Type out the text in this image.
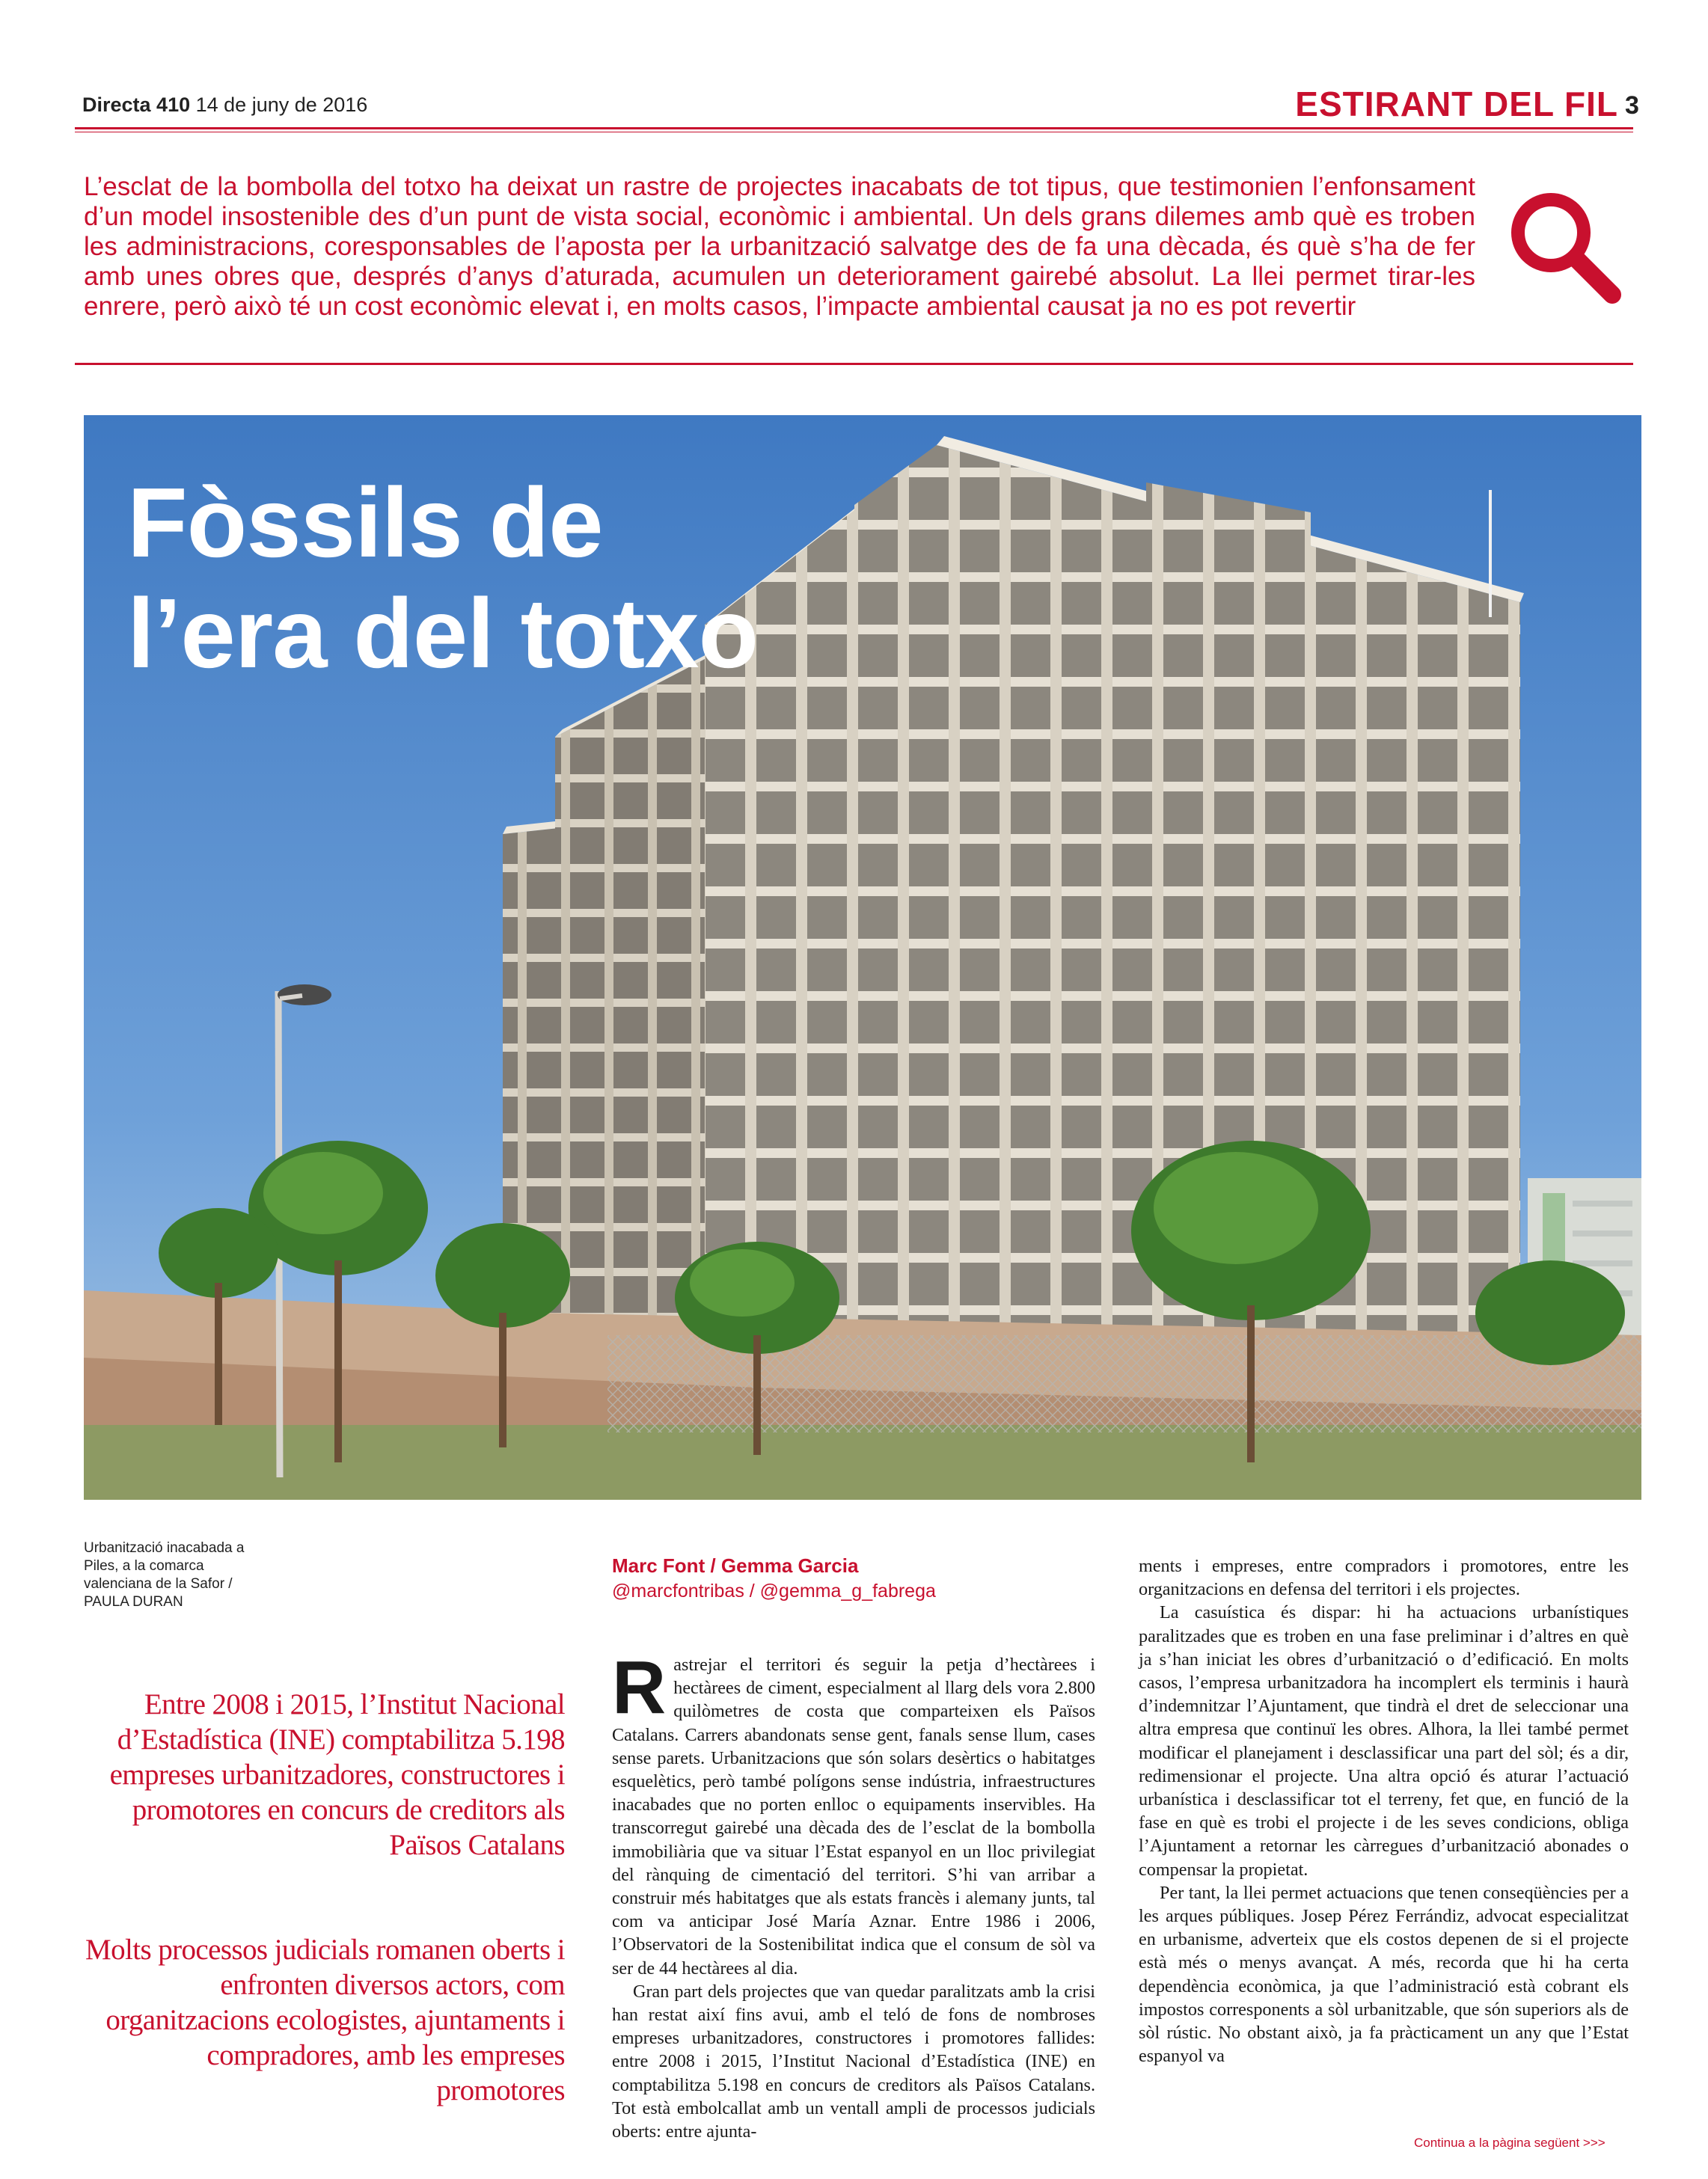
Directa 410 14 de juny de 2016	ESTIRANT DEL FIL 3
L’esclat de la bombolla del totxo ha deixat un rastre de projectes inacabats de tot tipus, que testimonien l’enfonsament d’un model insostenible des d’un punt de vista social, econòmic i ambiental. Un dels grans dilemes amb què es troben les administracions, coresponsables de l’aposta per la urbanització salvatge des de fa una dècada, és què s’ha de fer amb unes obres que, després d’anys d’aturada, acumulen un deteriorament gairebé absolut. La llei permet tirar-les enrere, però això té un cost econòmic elevat i, en molts casos, l’impacte ambiental causat ja no es pot revertir
Fòssils de l’era del totxo
Urbanització inacabada a Piles, a la comarca valenciana de la Safor / PAULA DURAN
Entre 2008 i 2015, l’Institut Nacional d’Estadística (INE) comptabilitza 5.198 empreses urbanitzadores, constructores i promotores en concurs de creditors als Països Catalans
Molts processos judicials romanen oberts i enfronten diversos actors, com organitzacions ecologistes, ajuntaments i compradores, amb les empreses promotores
Marc Font / Gemma Garcia
@marcfontribas / @gemma_g_fabrega

Rastrejar el territori és seguir la petja d’hectàrees i hectàrees de ciment, especialment al llarg dels vora 2.800 quilòmetres de costa que comparteixen els Països Catalans. Carrers abandonats sense gent, fanals sense llum, cases sense parets. Urbanitzacions que són solars desèrtics o habitatges esquelètics, però també polígons sense indústria, infraestructures inacabades que no porten enlloc o equipaments inservibles. Ha transcorregut gairebé una dècada des de l’esclat de la bombolla immobiliària que va situar l’Estat espanyol en un lloc privilegiat del rànquing de cimentació del territori. S’hi van arribar a construir més habitatges que als estats francès i alemany junts, tal com va anticipar José María Aznar. Entre 1986 i 2006, l’Observatori de la Sostenibilitat indica que el consum de sòl va ser de 44 hectàrees al dia.

Gran part dels projectes que van quedar paralitzats amb la crisi han restat així fins avui, amb el teló de fons de nombroses empreses urbanitzadores, constructores i promotores fallides: entre 2008 i 2015, l’Institut Nacional d’Estadística (INE) en comptabilitza 5.198 en concurs de creditors als Països Catalans. Tot està embolcallat amb un ventall ampli de processos judicials oberts: entre ajunta-

ments i empreses, entre compradors i promotores, entre les organitzacions en defensa del territori i els projectes.

La casuística és dispar: hi ha actuacions urbanístiques paralitzades que es troben en una fase preliminar i d’altres en què ja s’han iniciat les obres d’urbanització o d’edificació. En molts casos, l’empresa urbanitzadora ha incomplert els terminis i haurà d’indemnitzar l’Ajuntament, que tindrà el dret de seleccionar una altra empresa que continuï les obres. Alhora, la llei també permet modificar el planejament i desclassificar una part del sòl; és a dir, redimensionar el projecte. Una altra opció és aturar l’actuació urbanística i desclassificar tot el terreny, fet que, en funció de la fase en què es trobi el projecte i de les seves condicions, obliga l’Ajuntament a retornar les càrregues d’urbanització abonades o compensar la propietat.

Per tant, la llei permet actuacions que tenen conseqüències per a les arques públiques. Josep Pérez Ferrándiz, advocat especialitzat en urbanisme, adverteix que els costos depenen de si el projecte està més o menys avançat. A més, recorda que hi ha certa dependència econòmica, ja que l’administració està cobrant els impostos corresponents a sòl urbanitzable, que són superiors als de sòl rústic. No obstant això, ja fa pràcticament un any que l’Estat espanyol va

Continua a la pàgina següent >>>
